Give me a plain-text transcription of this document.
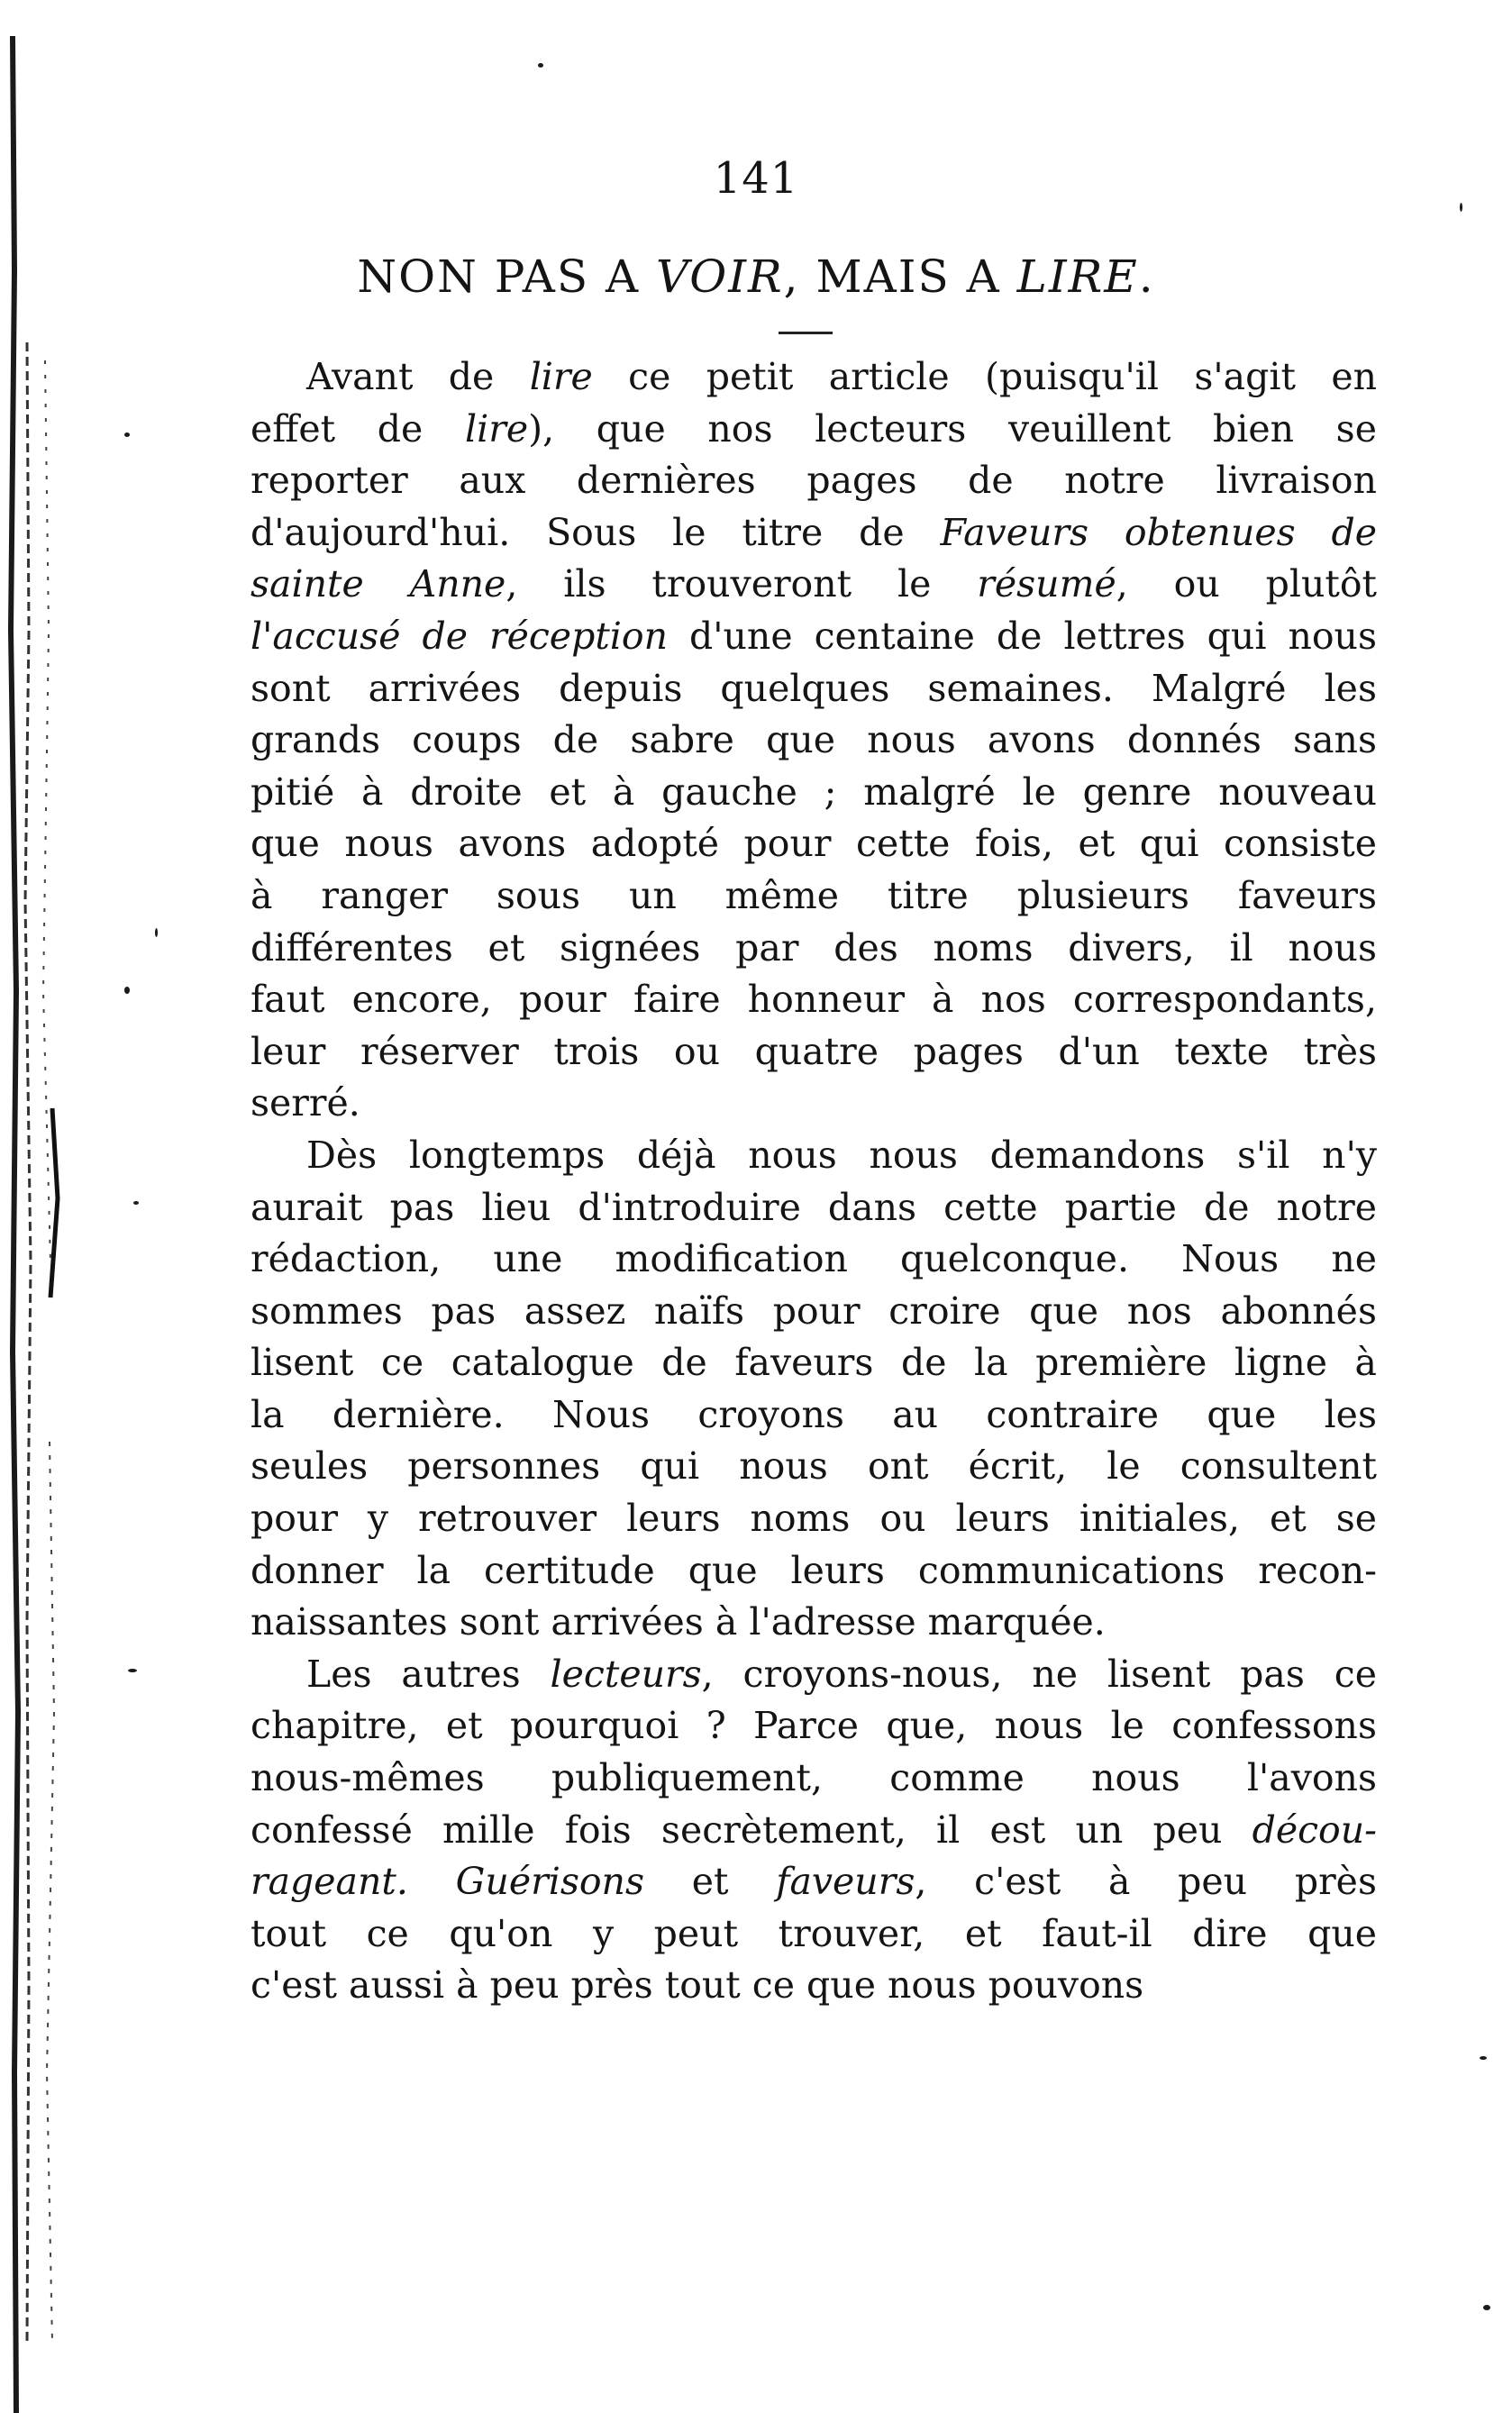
141
NON PAS A VOIR, MAIS A LIRE.
Avant de lire ce petit article (puisqu'il s'agit en
effet de lire), que nos lecteurs veuillent bien se
reporter aux dernières pages de notre livraison
d'aujourd'hui. Sous le titre de Faveurs obtenues de
sainte Anne, ils trouveront le résumé, ou plutôt
l'accusé de réception d'une centaine de lettres qui nous
sont arrivées depuis quelques semaines. Malgré les
grands coups de sabre que nous avons donnés sans
pitié à droite et à gauche ; malgré le genre nouveau
que nous avons adopté pour cette fois, et qui consiste
à ranger sous un même titre plusieurs faveurs
différentes et signées par des noms divers, il nous
faut encore, pour faire honneur à nos correspondants,
leur réserver trois ou quatre pages d'un texte très
serré.
Dès longtemps déjà nous nous demandons s'il n'y
aurait pas lieu d'introduire dans cette partie de notre
rédaction, une modification quelconque. Nous ne
sommes pas assez naïfs pour croire que nos abonnés
lisent ce catalogue de faveurs de la première ligne à
la dernière. Nous croyons au contraire que les
seules personnes qui nous ont écrit, le consultent
pour y retrouver leurs noms ou leurs initiales, et se
donner la certitude que leurs communications recon-
naissantes sont arrivées à l'adresse marquée.
Les autres lecteurs, croyons-nous, ne lisent pas ce
chapitre, et pourquoi ? Parce que, nous le confessons
nous-mêmes publiquement, comme nous l'avons
confessé mille fois secrètement, il est un peu décou-
rageant. Guérisons et faveurs, c'est à peu près
tout ce qu'on y peut trouver, et faut-il dire que
c'est aussi à peu près tout ce que nous pouvons
